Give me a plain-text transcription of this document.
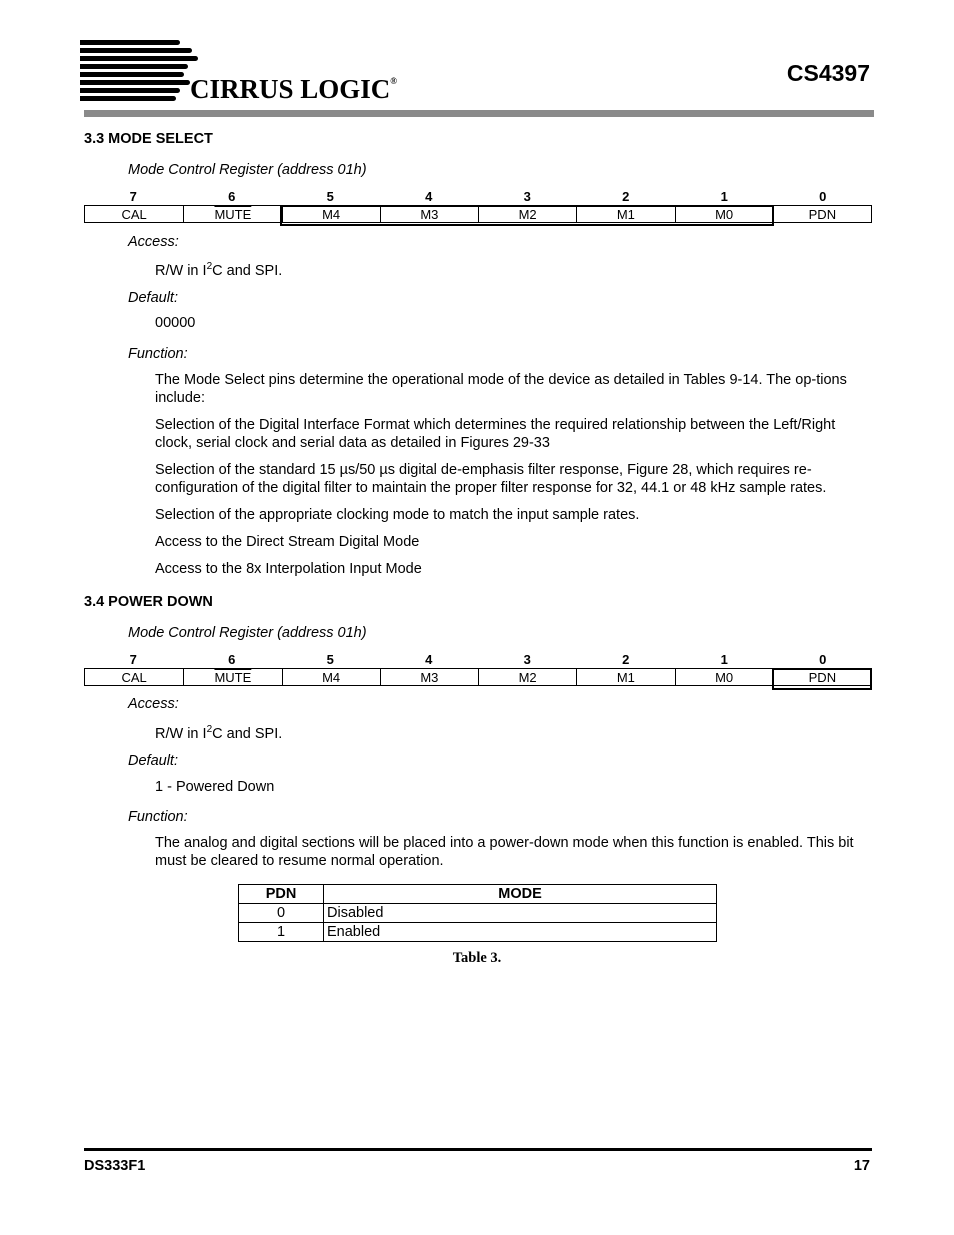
CIRRUS LOGIC®	CS4397
3.3 MODE SELECT
Mode Control Register (address 01h)
7	6	5	4	3	2	1	0
CAL	MUTE	M4	M3	M2	M1	M0	PDN
Access:
R/W in $I^2C$ and SPI.
Default:
00000
Function:
The Mode Select pins determine the operational mode of the device as detailed in Tables 9-14. The op-tions include:
Selection of the Digital Interface Format which determines the required relationship between the Left/Right clock, serial clock and serial data as detailed in Figures 29-33
Selection of the standard 15 µs/50 µs digital de-emphasis filter response, Figure 28, which requires re-configuration of the digital filter to maintain the proper filter response for 32, 44.1 or 48 kHz sample rates.
Selection of the appropriate clocking mode to match the input sample rates.
Access to the Direct Stream Digital Mode
Access to the 8x Interpolation Input Mode
3.4 POWER DOWN
Mode Control Register (address 01h)
7	6	5	4	3	2	1	0
CAL	MUTE	M4	M3	M2	M1	M0	PDN
Access:
R/W in $I^2C$ and SPI.
Default:
1 - Powered Down
Function:
The analog and digital sections will be placed into a power-down mode when this function is enabled. This bit must be cleared to resume normal operation.
PDN	MODE
0	Disabled
1	Enabled
Table 3.
DS333F1	17
